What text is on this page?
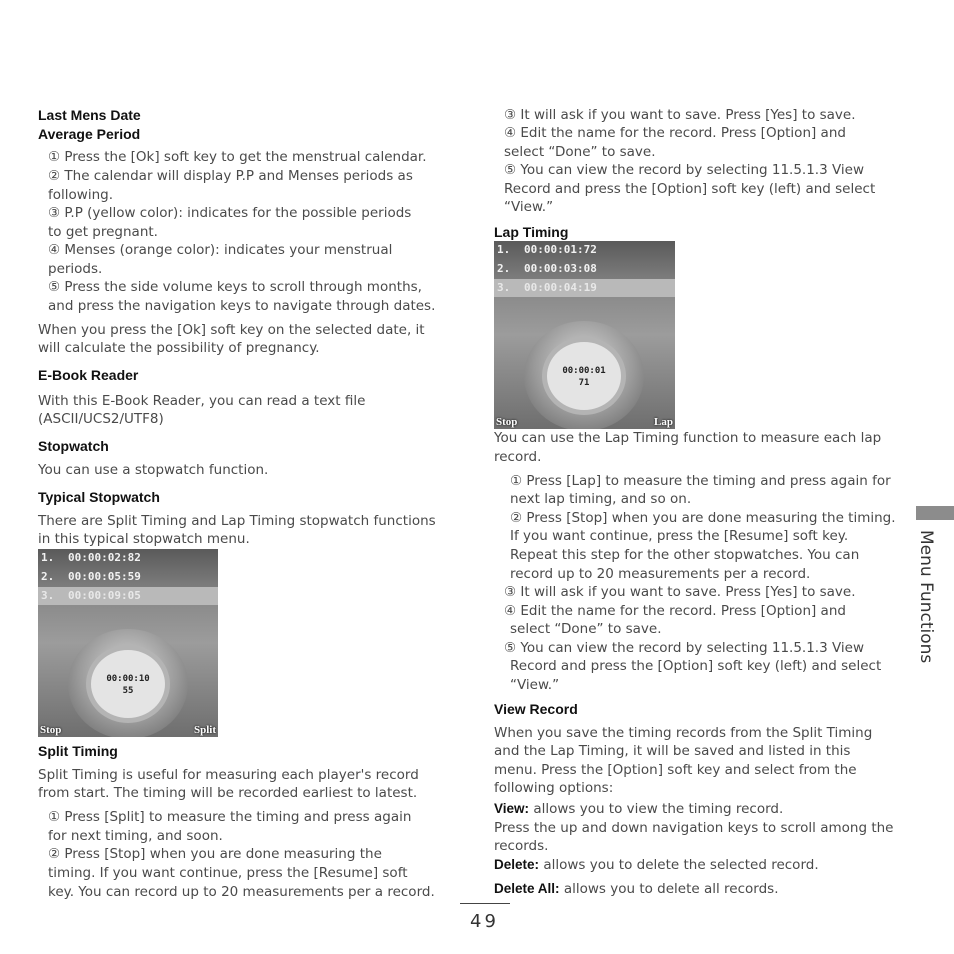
Last Mens Date
Average Period
① Press the [Ok] soft key to get the menstrual calendar.
② The calendar will display P.P and Menses periods as
following.
③ P.P (yellow color): indicates for the possible periods
to get pregnant.
④ Menses (orange color): indicates your menstrual
periods.
⑤ Press the side volume keys to scroll through months,
and press the navigation keys to navigate through dates.
When you press the [Ok] soft key on the selected date, it
will calculate the possibility of pregnancy.
E-Book Reader
With this E-Book Reader, you can read a text file
(ASCII/UCS2/UTF8)
Stopwatch
You can use a stopwatch function.
Typical Stopwatch
There are Split Timing and Lap Timing stopwatch functions
in this typical stopwatch menu.
1. 00:00:02:82
2. 00:00:05:59
3. 00:00:09:05
00:00:10
55
Stop	Split
Split Timing
Split Timing is useful for measuring each player's record
from start. The timing will be recorded earliest to latest.
① Press [Split] to measure the timing and press again
for next timing, and soon.
② Press [Stop] when you are done measuring the
timing. If you want continue, press the [Resume] soft
key. You can record up to 20 measurements per a record.
③ It will ask if you want to save. Press [Yes] to save.
④ Edit the name for the record. Press [Option] and
select “Done” to save.
⑤ You can view the record by selecting 11.5.1.3 View
Record and press the [Option] soft key (left) and select
“View.”
Lap Timing
1. 00:00:01:72
2. 00:00:03:08
3. 00:00:04:19
00:00:01
71
Stop	Lap
You can use the Lap Timing function to measure each lap
record.
① Press [Lap] to measure the timing and press again for
next lap timing, and so on.
② Press [Stop] when you are done measuring the timing.
If you want continue, press the [Resume] soft key.
Repeat this step for the other stopwatches. You can
record up to 20 measurements per a record.
③ It will ask if you want to save. Press [Yes] to save.
④ Edit the name for the record. Press [Option] and
select “Done” to save.
⑤ You can view the record by selecting 11.5.1.3 View
Record and press the [Option] soft key (left) and select
“View.”
View Record
When you save the timing records from the Split Timing
and the Lap Timing, it will be saved and listed in this
menu. Press the [Option] soft key and select from the
following options:
View: allows you to view the timing record.
Press the up and down navigation keys to scroll among the
records.
Delete: allows you to delete the selected record.
Delete All: allows you to delete all records.
Menu Functions
49
